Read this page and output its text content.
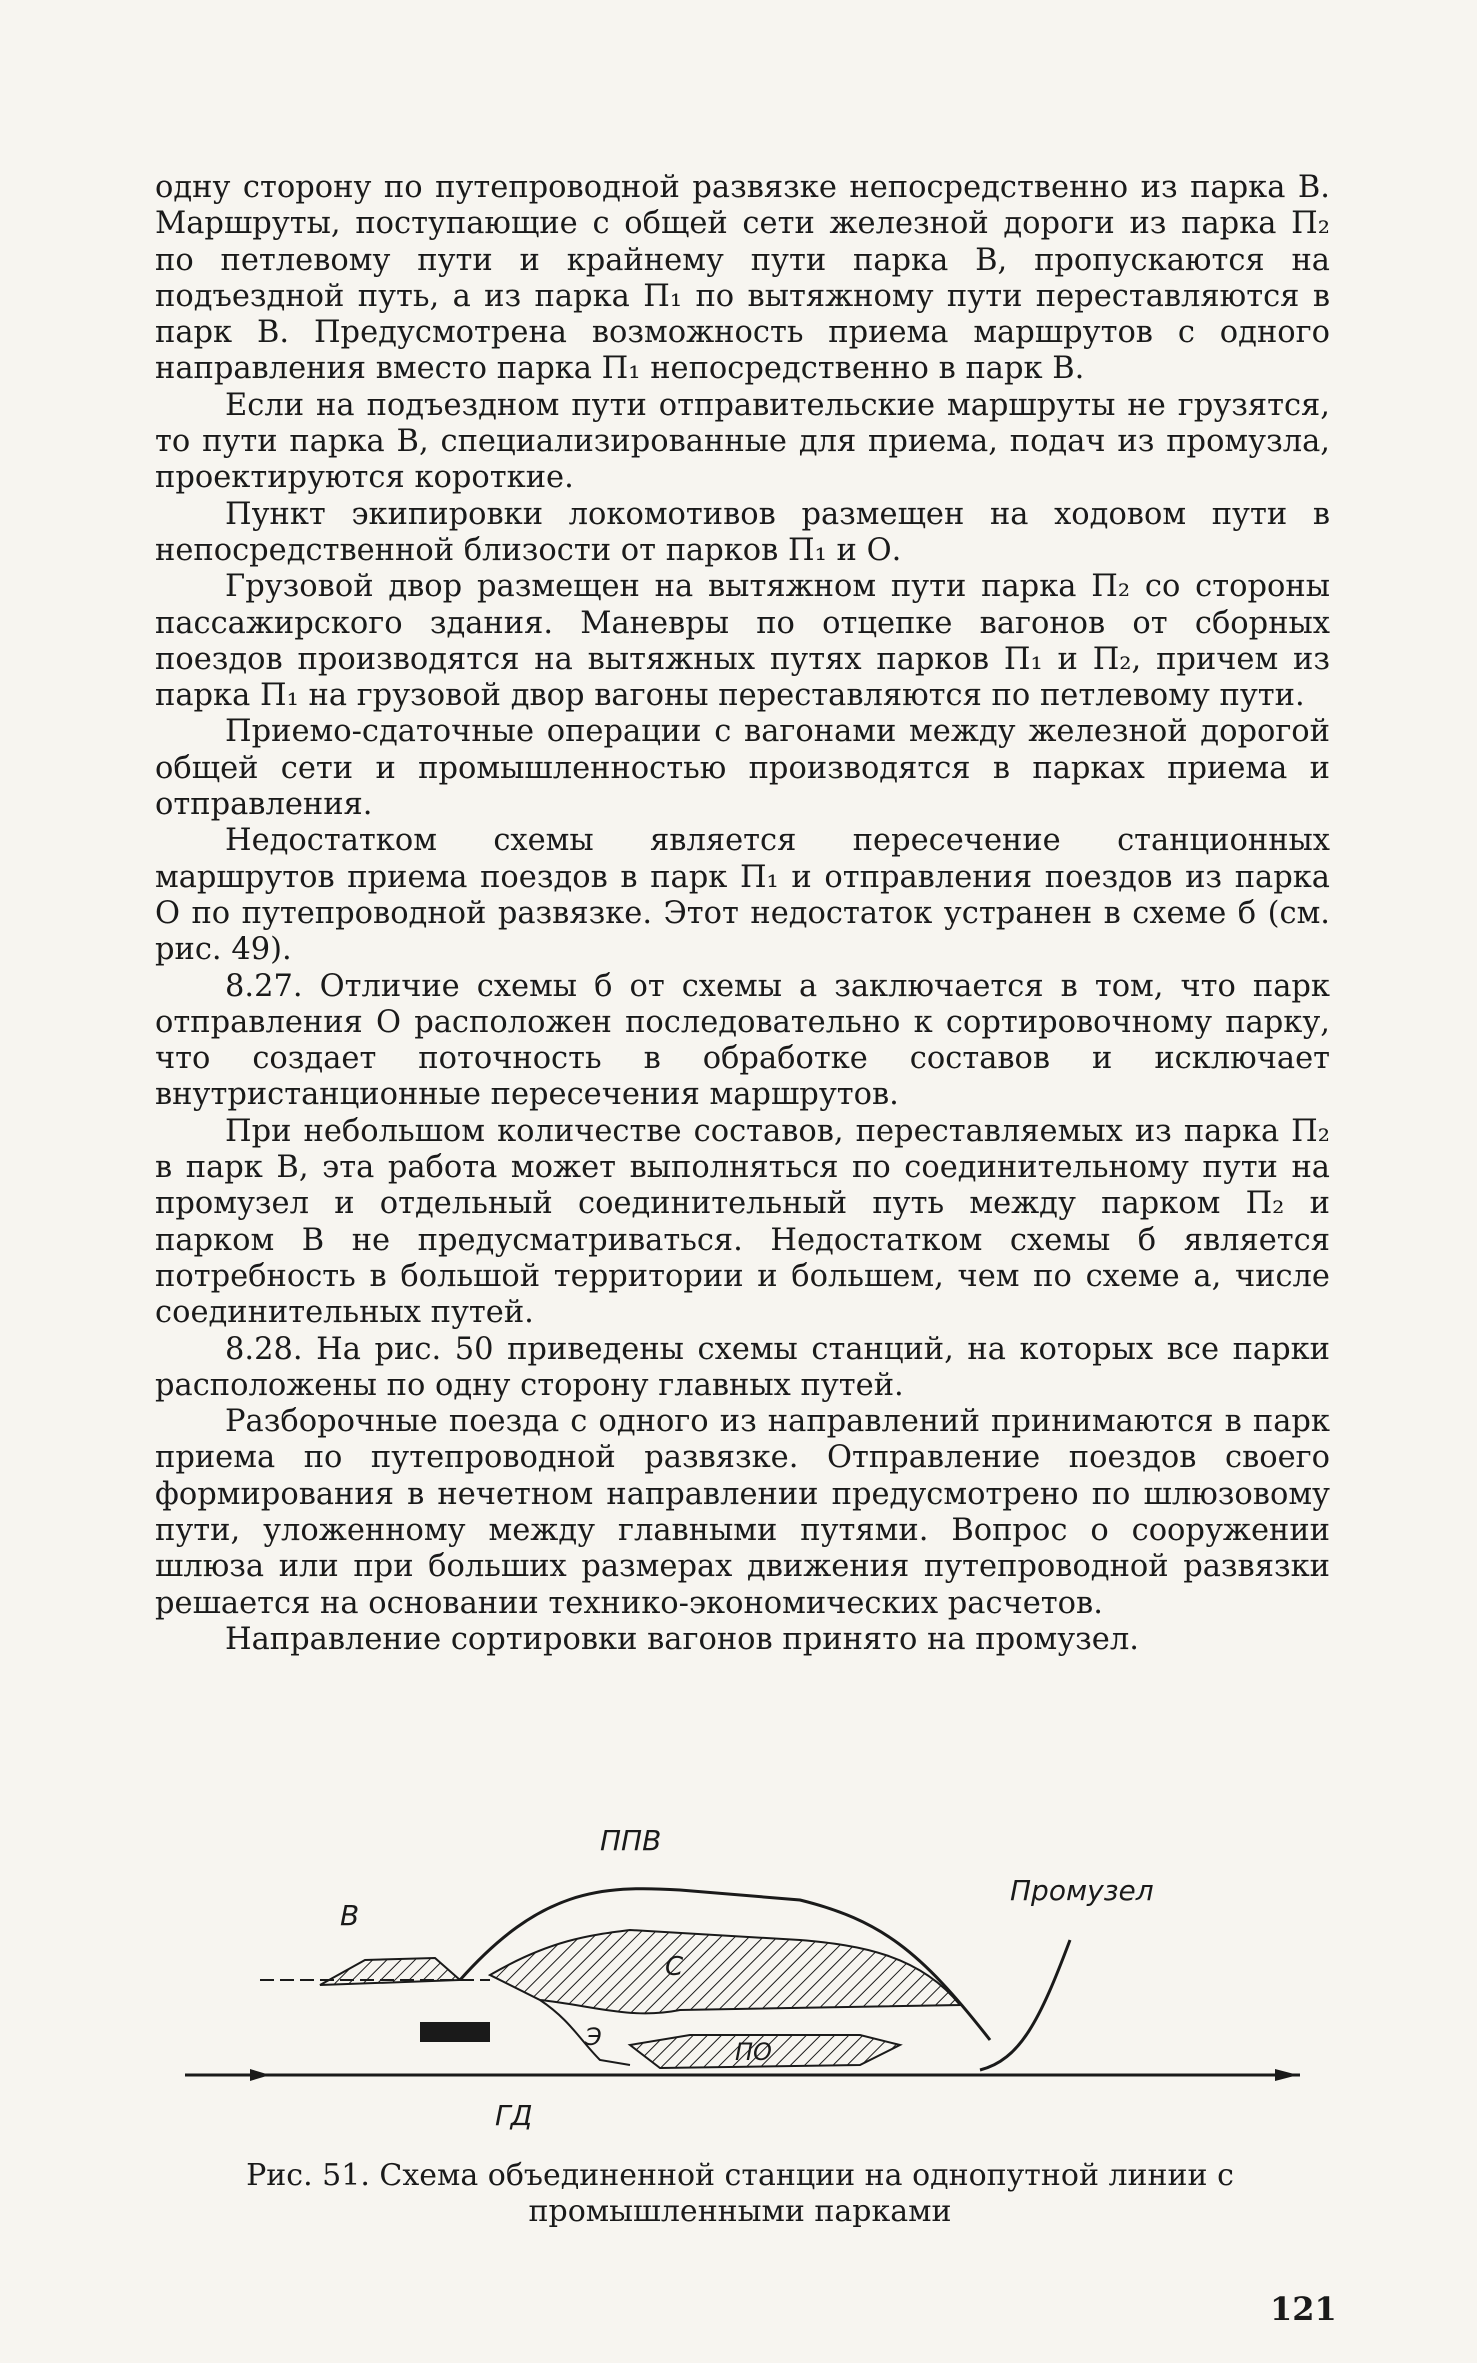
одну сторону по путепроводной развязке непосредственно из парка В. Маршруты, поступающие с общей сети железной дороги из парка П₂ по петлевому пути и крайнему пути парка В, пропускаются на подъездной путь, а из парка П₁ по вытяжному пути переставляются в парк В. Предусмотрена возможность приема маршрутов с одного направления вместо парка П₁ непосредственно в парк В.

Если на подъездном пути отправительские маршруты не грузятся, то пути парка В, специализированные для приема, подач из промузла, проектируются короткие.

Пункт экипировки локомотивов размещен на ходовом пути в непосредственной близости от парков П₁ и О.

Грузовой двор размещен на вытяжном пути парка П₂ со стороны пассажирского здания. Маневры по отцепке вагонов от сборных поездов производятся на вытяжных путях парков П₁ и П₂, причем из парка П₁ на грузовой двор вагоны переставляются по петлевому пути.

Приемо-сдаточные операции с вагонами между железной дорогой общей сети и промышленностью производятся в парках приема и отправления.

Недостатком схемы является пересечение станционных маршрутов приема поездов в парк П₁ и отправления поездов из парка О по путепроводной развязке. Этот недостаток устранен в схеме б (см. рис. 49).

8.27. Отличие схемы б от схемы а заключается в том, что парк отправления О расположен последовательно к сортировочному парку, что создает поточность в обработке составов и исключает внутристанционные пересечения маршрутов.

При небольшом количестве составов, переставляемых из парка П₂ в парк В, эта работа может выполняться по соединительному пути на промузел и отдельный соединительный путь между парком П₂ и парком В не предусматриваться. Недостатком схемы б является потребность в большой территории и большем, чем по схеме а, числе соединительных путей.

8.28. На рис. 50 приведены схемы станций, на которых все парки расположены по одну сторону главных путей.

Разборочные поезда с одного из направлений принимаются в парк приема по путепроводной развязке. Отправление поездов своего формирования в нечетном направлении предусмотрено по шлюзовому пути, уложенному между главными путями. Вопрос о сооружении шлюза или при больших размерах движения путепроводной развязки решается на основании технико-экономических расчетов.

Направление сортировки вагонов принято на промузел.

ППВ
В
Промузел
С
Э
ПО
ГД
Рис. 51. Схема объединенной станции на однопутной линии с промышленными парками
121
